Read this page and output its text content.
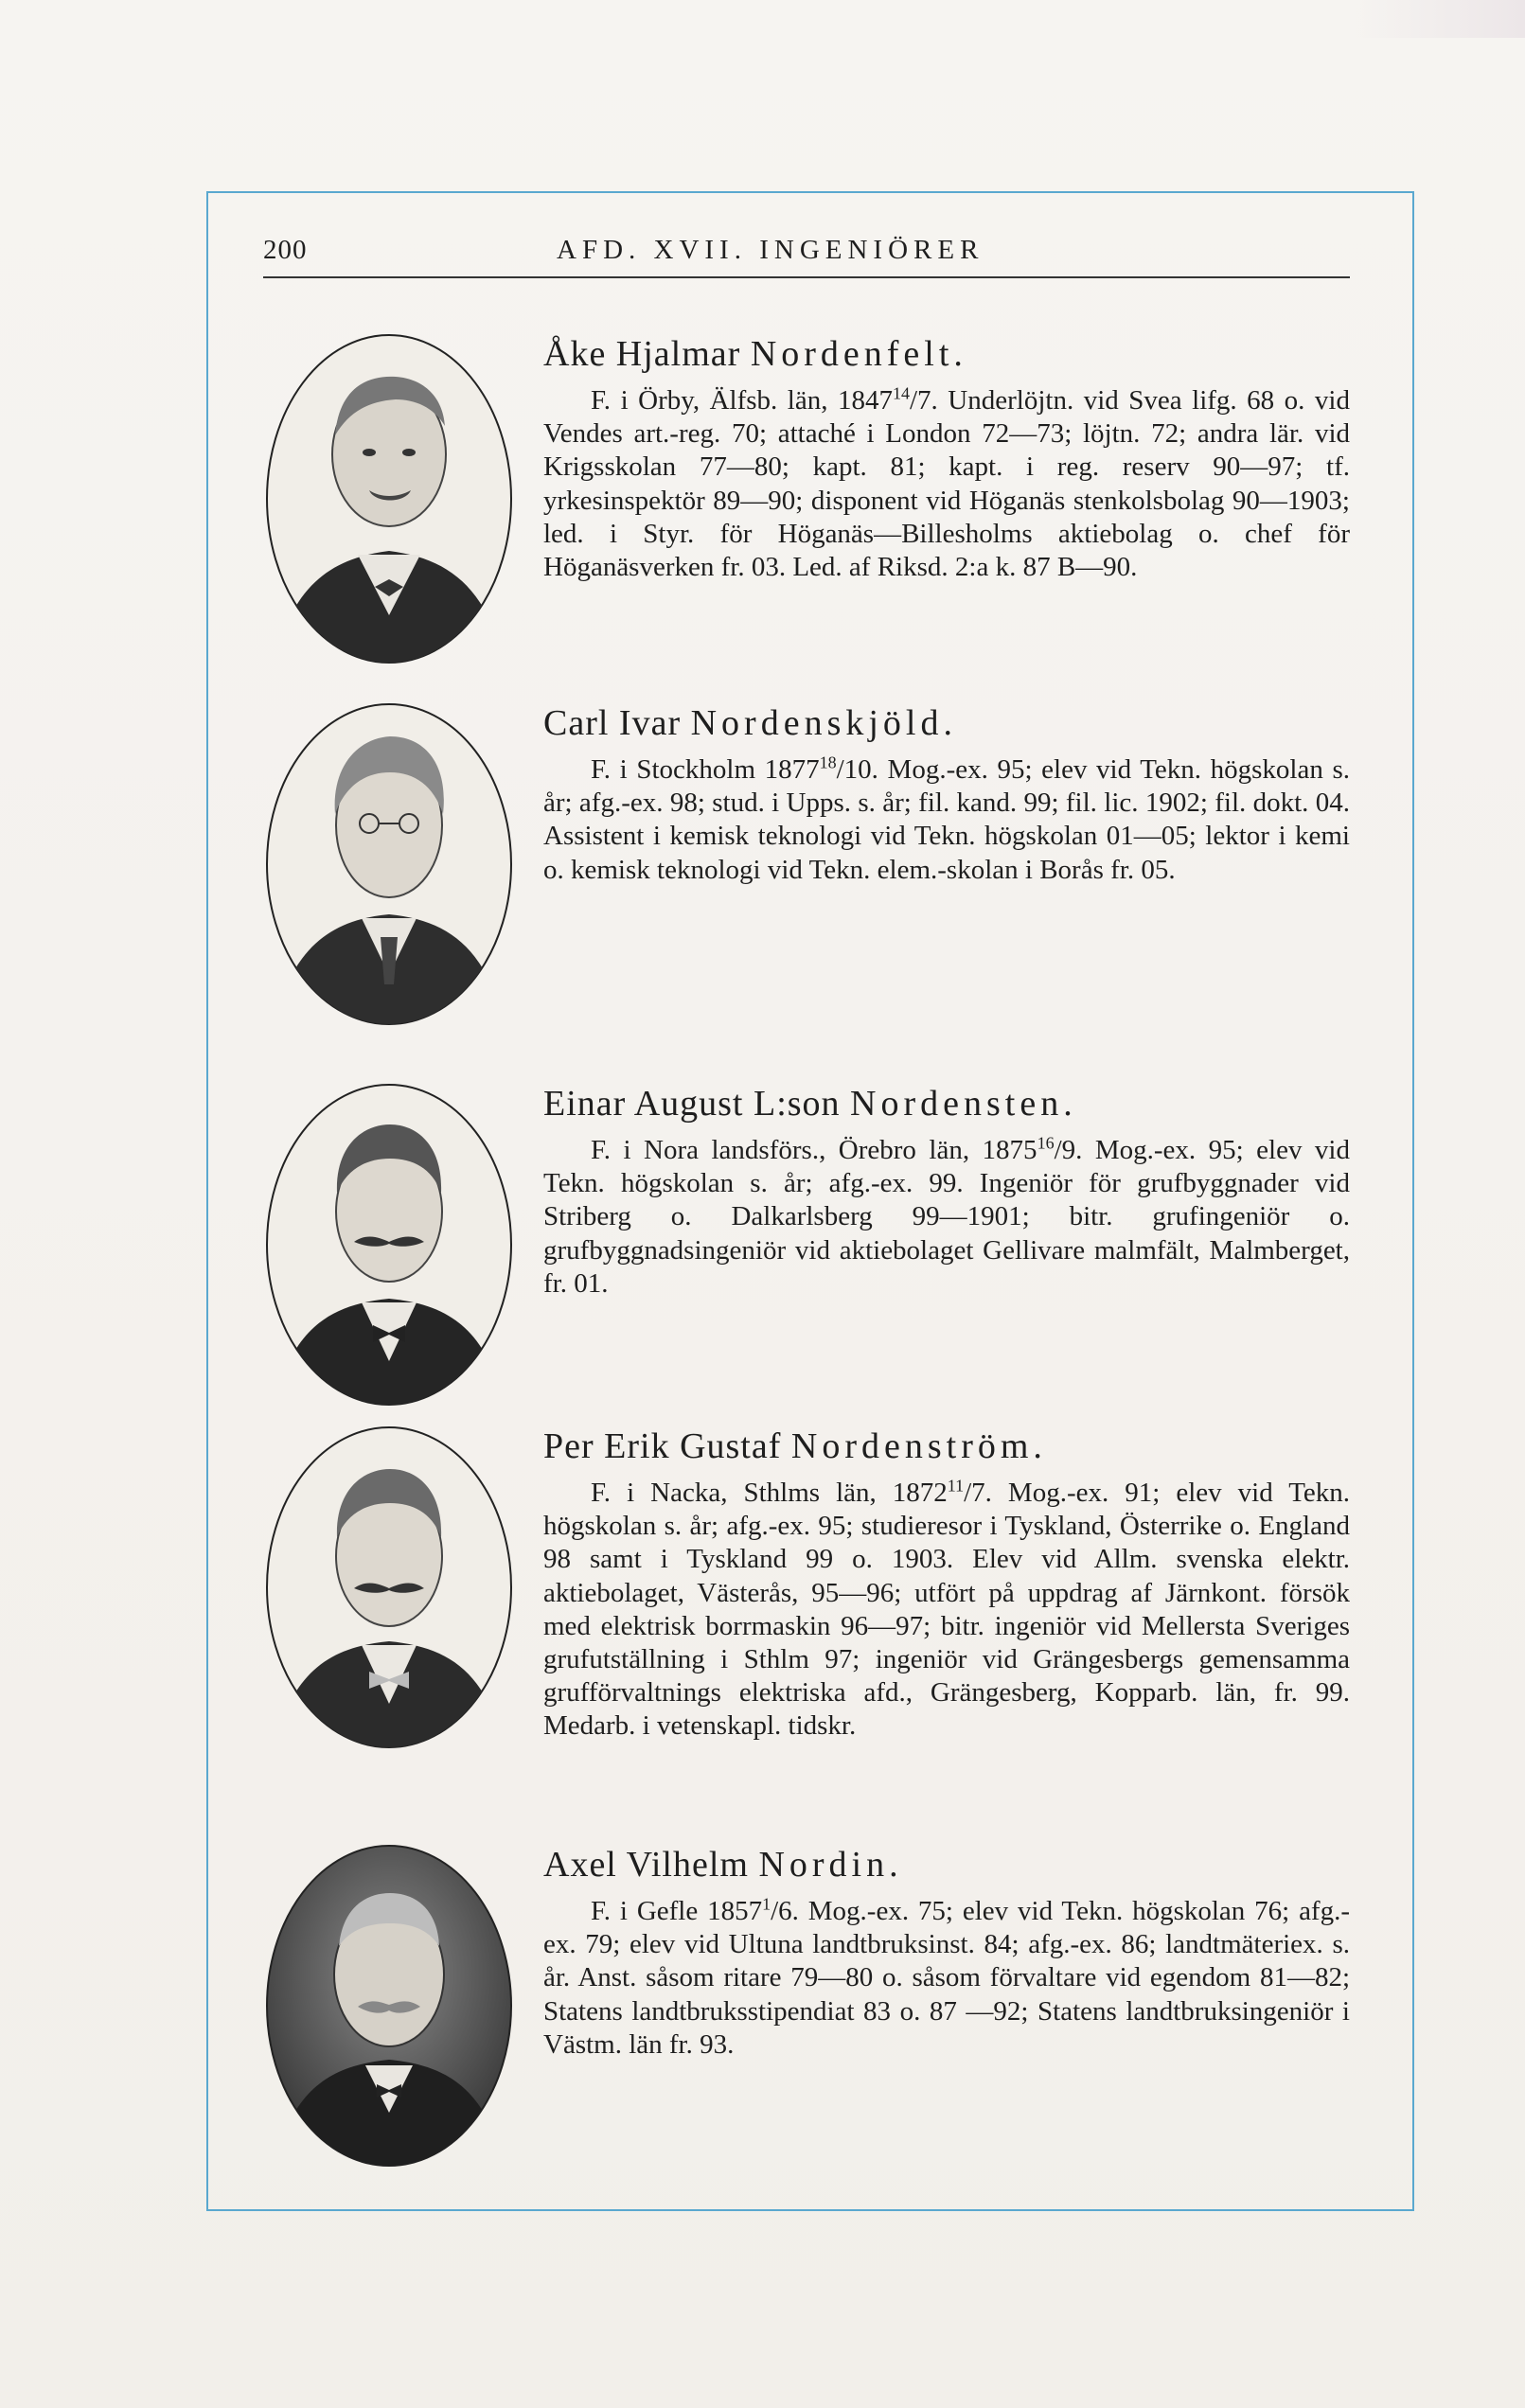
200	AFD. XVII. INGENIÖRER
Åke Hjalmar Nordenfelt.

F. i Örby, Älfsb. län, 1847$^{14}$/7. Underlöjtn. vid Svea lifg. 68 o. vid Vendes art.-reg. 70; attaché i London 72—73; löjtn. 72; andra lär. vid Krigsskolan 77—80; kapt. 81; kapt. i reg. reserv 90—97; tf. yrkesinspektör 89—90; disponent vid Höganäs stenkolsbolag 90—1903; led. i Styr. för Höganäs—Billesholms aktiebolag o. chef för Höganäsverken fr. 03. Led. af Riksd. 2:a k. 87 B—90.

Carl Ivar Nordenskjöld.

F. i Stockholm 1877$^{18}$/10. Mog.-ex. 95; elev vid Tekn. högskolan s. år; afg.-ex. 98; stud. i Upps. s. år; fil. kand. 99; fil. lic. 1902; fil. dokt. 04. Assistent i kemisk teknologi vid Tekn. högskolan 01—05; lektor i kemi o. kemisk teknologi vid Tekn. elem.-skolan i Borås fr. 05.

Einar August L:son Nordensten.

F. i Nora landsförs., Örebro län, 1875$^{16}$/9. Mog.-ex. 95; elev vid Tekn. högskolan s. år; afg.-ex. 99. Ingeniör för grufbyggnader vid Striberg o. Dalkarlsberg 99—1901; bitr. grufingeniör o. grufbyggnadsingeniör vid aktiebolaget Gellivare malmfält, Malmberget, fr. 01.

Per Erik Gustaf Nordenström.

F. i Nacka, Sthlms län, 1872$^{11}$/7. Mog.-ex. 91; elev vid Tekn. högskolan s. år; afg.-ex. 95; studieresor i Tyskland, Österrike o. England 98 samt i Tyskland 99 o. 1903. Elev vid Allm. svenska elektr. aktiebolaget, Västerås, 95—96; utfört på uppdrag af Järnkont. försök med elektrisk borrmaskin 96—97; bitr. ingeniör vid Mellersta Sveriges grufutställning i Sthlm 97; ingeniör vid Grängesbergs gemensamma grufförvaltnings elektriska afd., Grängesberg, Kopparb. län, fr. 99. Medarb. i vetenskapl. tidskr.

Axel Vilhelm Nordin.

F. i Gefle 1857$^1$/6. Mog.-ex. 75; elev vid Tekn. högskolan 76; afg.-ex. 79; elev vid Ultuna landtbruksinst. 84; afg.-ex. 86; landtmäteriex. s. år. Anst. såsom ritare 79—80 o. såsom förvaltare vid egendom 81—82; Statens landtbruksstipendiat 83 o. 87 —92; Statens landtbruksingeniör i Västm. län fr. 93.
